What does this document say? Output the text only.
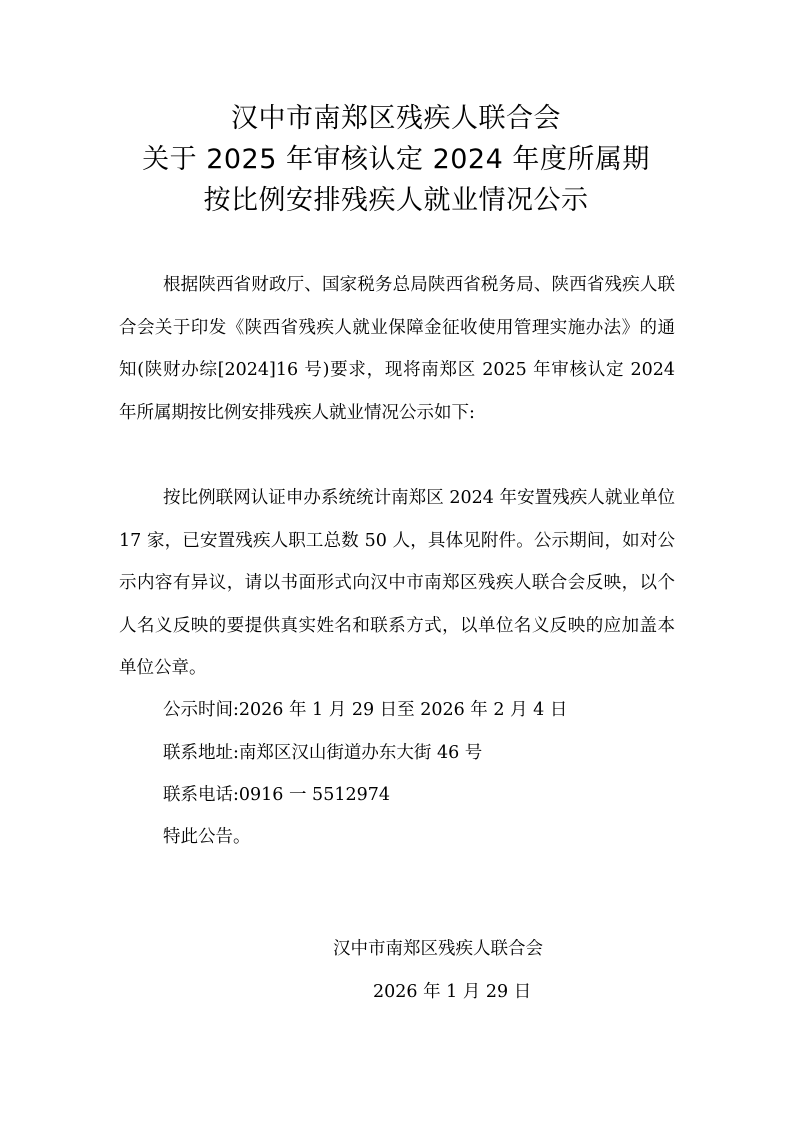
汉中市南郑区残疾人联合会
关于 2025 年审核认定 2024 年度所属期
按比例安排残疾人就业情况公示
根据陕西省财政厅、国家税务总局陕西省税务局、陕西省残疾人联合会关于印发《陕西省残疾人就业保障金征收使用管理实施办法》的通知(陕财办综[2024]16 号)要求，现将南郑区 2025 年审核认定 2024 年所属期按比例安排残疾人就业情况公示如下:
按比例联网认证申办系统统计南郑区 2024 年安置残疾人就业单位 17 家，已安置残疾人职工总数 50 人，具体见附件。公示期间，如对公示内容有异议，请以书面形式向汉中市南郑区残疾人联合会反映，以个人名义反映的要提供真实姓名和联系方式，以单位名义反映的应加盖本单位公章。
公示时间:2026 年 1 月 29 日至 2026 年 2 月 4 日
联系地址:南郑区汉山街道办东大街 46 号
联系电话:0916 一 5512974
特此公告。
汉中市南郑区残疾人联合会
2026 年 1 月 29 日
